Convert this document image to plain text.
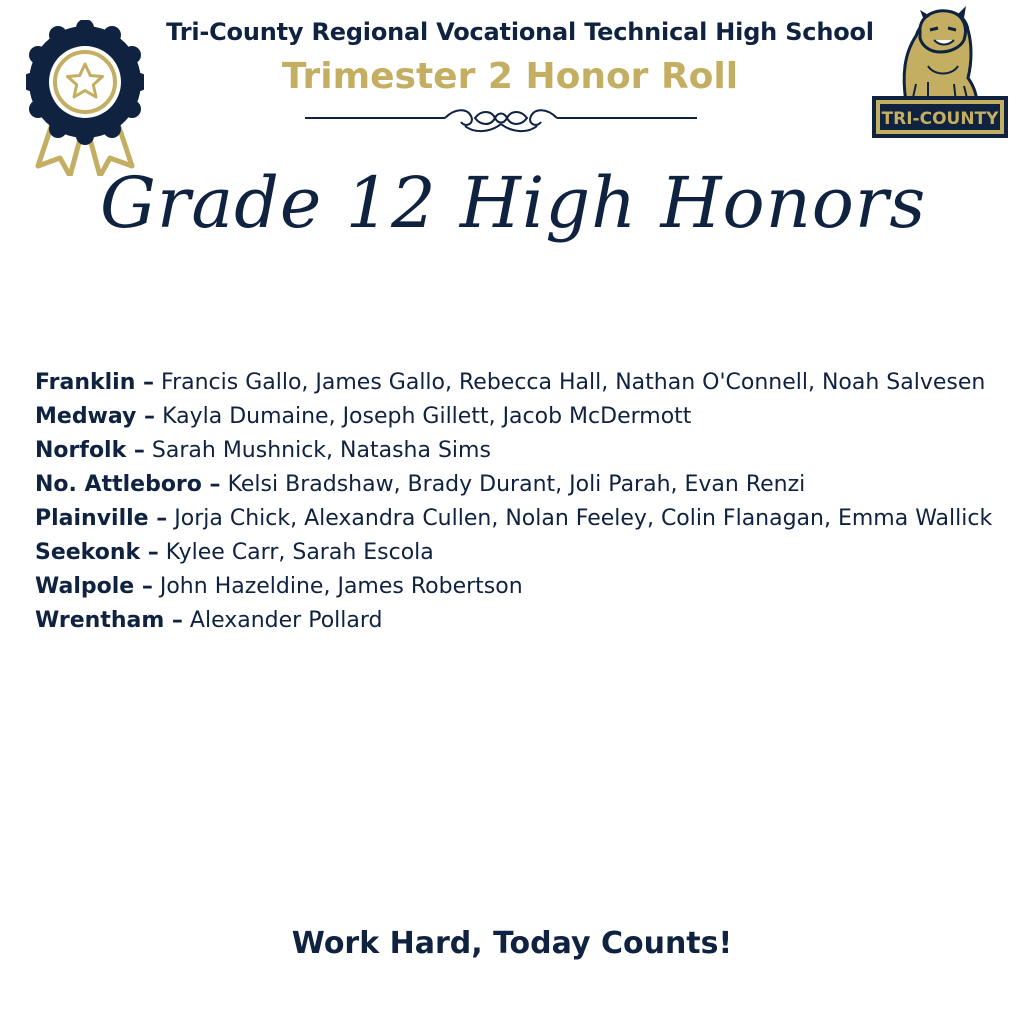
Tri-County Regional Vocational Technical High School
Trimester 2 Honor Roll
TRI-COUNTY
Grade 12 High Honors

Franklin – Francis Gallo, James Gallo, Rebecca Hall, Nathan O'Connell, Noah Salvesen

Medway – Kayla Dumaine, Joseph Gillett, Jacob McDermott

Norfolk – Sarah Mushnick, Natasha Sims

No. Attleboro – Kelsi Bradshaw, Brady Durant, Joli Parah, Evan Renzi

Plainville – Jorja Chick, Alexandra Cullen, Nolan Feeley, Colin Flanagan, Emma Wallick

Seekonk – Kylee Carr, Sarah Escola

Walpole – John Hazeldine, James Robertson

Wrentham – Alexander Pollard

Work Hard, Today Counts!
